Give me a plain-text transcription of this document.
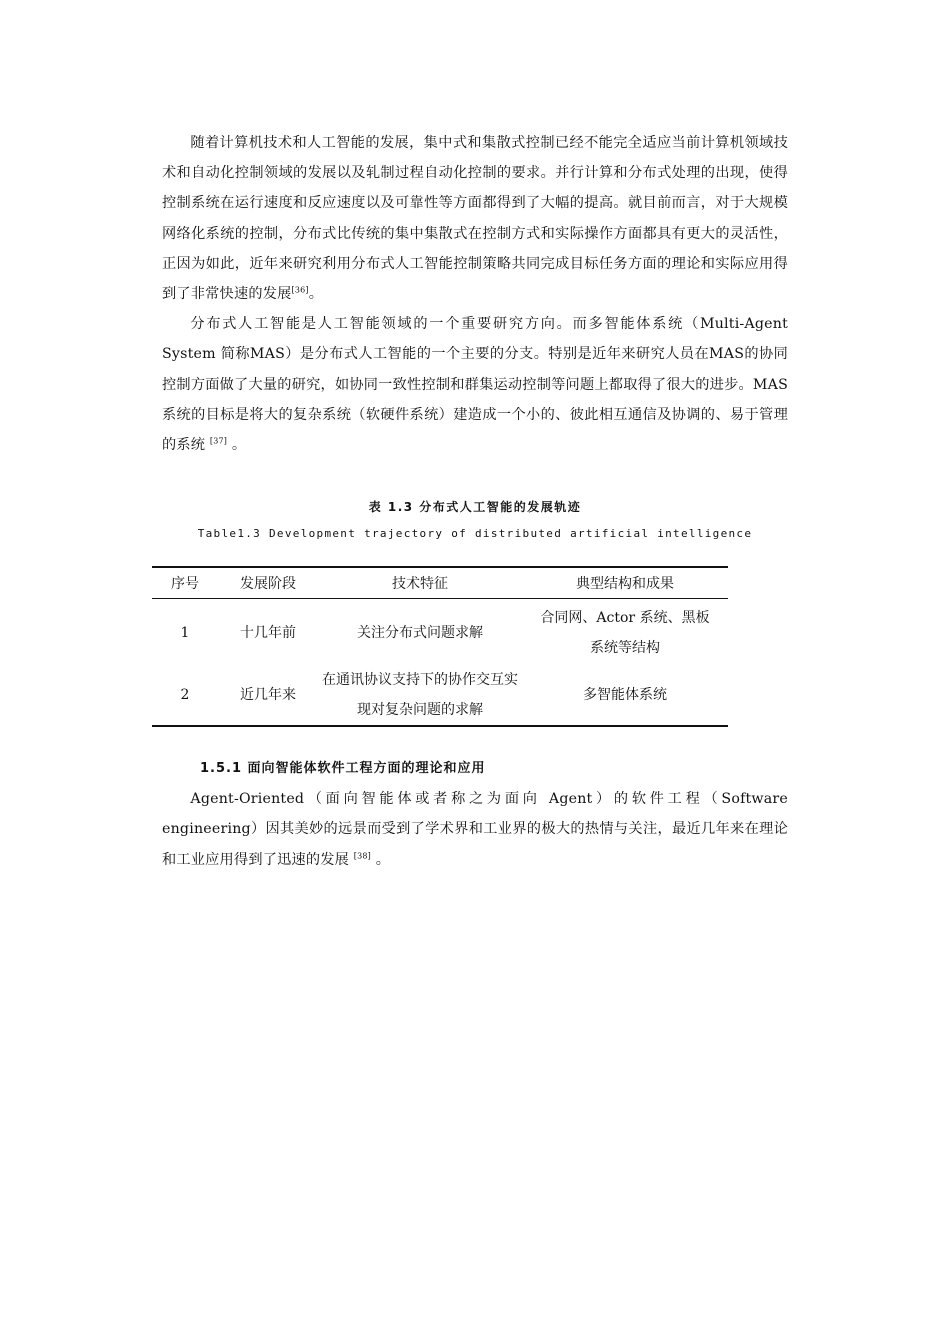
随着计算机技术和人工智能的发展，集中式和集散式控制已经不能完全适应当前计算机领域技术和自动化控制领域的发展以及轧制过程自动化控制的要求。并行计算和分布式处理的出现，使得控制系统在运行速度和反应速度以及可靠性等方面都得到了大幅的提高。就目前而言，对于大规模网络化系统的控制，分布式比传统的集中集散式在控制方式和实际操作方面都具有更大的灵活性，正因为如此，近年来研究利用分布式人工智能控制策略共同完成目标任务方面的理论和实际应用得到了非常快速的发展[36]。

分布式人工智能是人工智能领域的一个重要研究方向。而多智能体系统（Multi-Agent System 简称MAS）是分布式人工智能的一个主要的分支。特别是近年来研究人员在MAS的协同控制方面做了大量的研究，如协同一致性控制和群集运动控制等问题上都取得了很大的进步。MAS 系统的目标是将大的复杂系统（软硬件系统）建造成一个小的、彼此相互通信及协调的、易于管理的系统 [37] 。

表 1.3 分布式人工智能的发展轨迹
Table1.3 Development trajectory of distributed artificial intelligence
序号	发展阶段	技术特征	典型结构和成果
1	十几年前	关注分布式问题求解	合同网、Actor 系统、黑板系统等结构

2	近几年来	在通讯协议支持下的协作交互实现对复杂问题的求解	多智能体系统
1.5.1 面向智能体软件工程方面的理论和应用

Agent-Oriented（面向智能体或者称之为面向 Agent）的软件工程（Software engineering）因其美妙的远景而受到了学术界和工业界的极大的热情与关注，最近几年来在理论和工业应用得到了迅速的发展 [38] 。
